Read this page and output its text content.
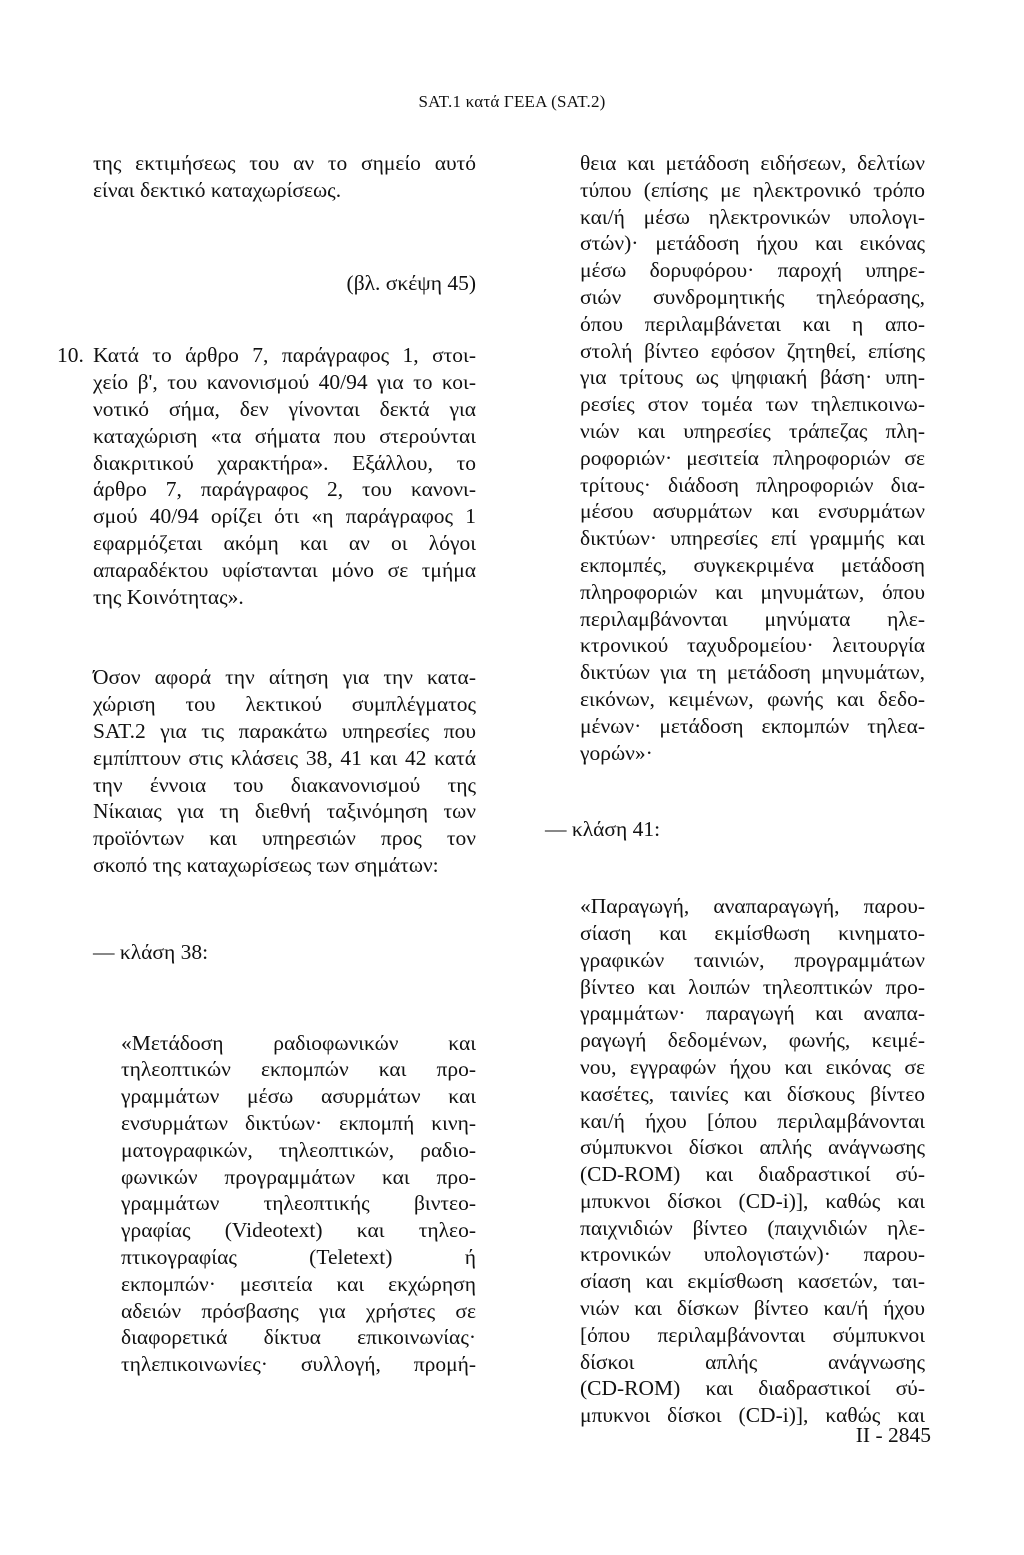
SAT.1 κατά ΓΕΕΑ (SAT.2)
της εκτιμήσεως του αν το σημείο αυτό
είναι δεκτικό καταχωρίσεως.
(βλ. σκέψη 45)
10. Κατά το άρθρο 7, παράγραφος 1, στοι-
χείο β', του κανονισμού 40/94 για το κοι-
νοτικό σήμα, δεν γίνονται δεκτά για
καταχώριση «τα σήματα που στερούνται
διακριτικού χαρακτήρα». Εξάλλου, το
άρθρο 7, παράγραφος 2, του κανονι-
σμού 40/94 ορίζει ότι «η παράγραφος 1
εφαρμόζεται ακόμη και αν οι λόγοι
απαραδέκτου υφίστανται μόνο σε τμήμα
της Κοινότητας».
Όσον αφορά την αίτηση για την κατα-
χώριση του λεκτικού συμπλέγματος
SAT.2 για τις παρακάτω υπηρεσίες που
εμπίπτουν στις κλάσεις 38, 41 και 42 κατά
την έννοια του διακανονισμού της
Νίκαιας για τη διεθνή ταξινόμηση των
προϊόντων και υπηρεσιών προς τον
σκοπό της καταχωρίσεως των σημάτων:
— κλάση 38:
«Μετάδοση ραδιοφωνικών και
τηλεοπτικών εκπομπών και προ-
γραμμάτων μέσω ασυρμάτων και
ενσυρμάτων δικτύων· εκπομπή κινη-
ματογραφικών, τηλεοπτικών, ραδιο-
φωνικών προγραμμάτων και προ-
γραμμάτων τηλεοπτικής βιντεο-
γραφίας (Videotext) και τηλεο-
πτικογραφίας (Teletext) ή
εκπομπών· μεσιτεία και εκχώρηση
αδειών πρόσβασης για χρήστες σε
διαφορετικά δίκτυα επικοινωνίας·
τηλεπικοινωνίες· συλλογή, προμή-
θεια και μετάδοση ειδήσεων, δελτίων
τύπου (επίσης με ηλεκτρονικό τρόπο
και/ή μέσω ηλεκτρονικών υπολογι-
στών)· μετάδοση ήχου και εικόνας
μέσω δορυφόρου· παροχή υπηρε-
σιών συνδρομητικής τηλεόρασης,
όπου περιλαμβάνεται και η απο-
στολή βίντεο εφόσον ζητηθεί, επίσης
για τρίτους ως ψηφιακή βάση· υπη-
ρεσίες στον τομέα των τηλεπικοινω-
νιών και υπηρεσίες τράπεζας πλη-
ροφοριών· μεσιτεία πληροφοριών σε
τρίτους· διάδοση πληροφοριών δια-
μέσου ασυρμάτων και ενσυρμάτων
δικτύων· υπηρεσίες επί γραμμής και
εκπομπές, συγκεκριμένα μετάδοση
πληροφοριών και μηνυμάτων, όπου
περιλαμβάνονται μηνύματα ηλε-
κτρονικού ταχυδρομείου· λειτουργία
δικτύων για τη μετάδοση μηνυμάτων,
εικόνων, κειμένων, φωνής και δεδο-
μένων· μετάδοση εκπομπών τηλεα-
γορών»·
— κλάση 41:
«Παραγωγή, αναπαραγωγή, παρου-
σίαση και εκμίσθωση κινηματο-
γραφικών ταινιών, προγραμμάτων
βίντεο και λοιπών τηλεοπτικών προ-
γραμμάτων· παραγωγή και αναπα-
ραγωγή δεδομένων, φωνής, κειμέ-
νου, εγγραφών ήχου και εικόνας σε
κασέτες, ταινίες και δίσκους βίντεο
και/ή ήχου [όπου περιλαμβάνονται
σύμπυκνοι δίσκοι απλής ανάγνωσης
(CD-ROM) και διαδραστικοί σύ-
μπυκνοι δίσκοι (CD-i)], καθώς και
παιχνιδιών βίντεο (παιχνιδιών ηλε-
κτρονικών υπολογιστών)· παρου-
σίαση και εκμίσθωση κασετών, ται-
νιών και δίσκων βίντεο και/ή ήχου
[όπου περιλαμβάνονται σύμπυκνοι
δίσκοι απλής ανάγνωσης
(CD-ROM) και διαδραστικοί σύ-
μπυκνοι δίσκοι (CD-i)], καθώς και
II - 2845
